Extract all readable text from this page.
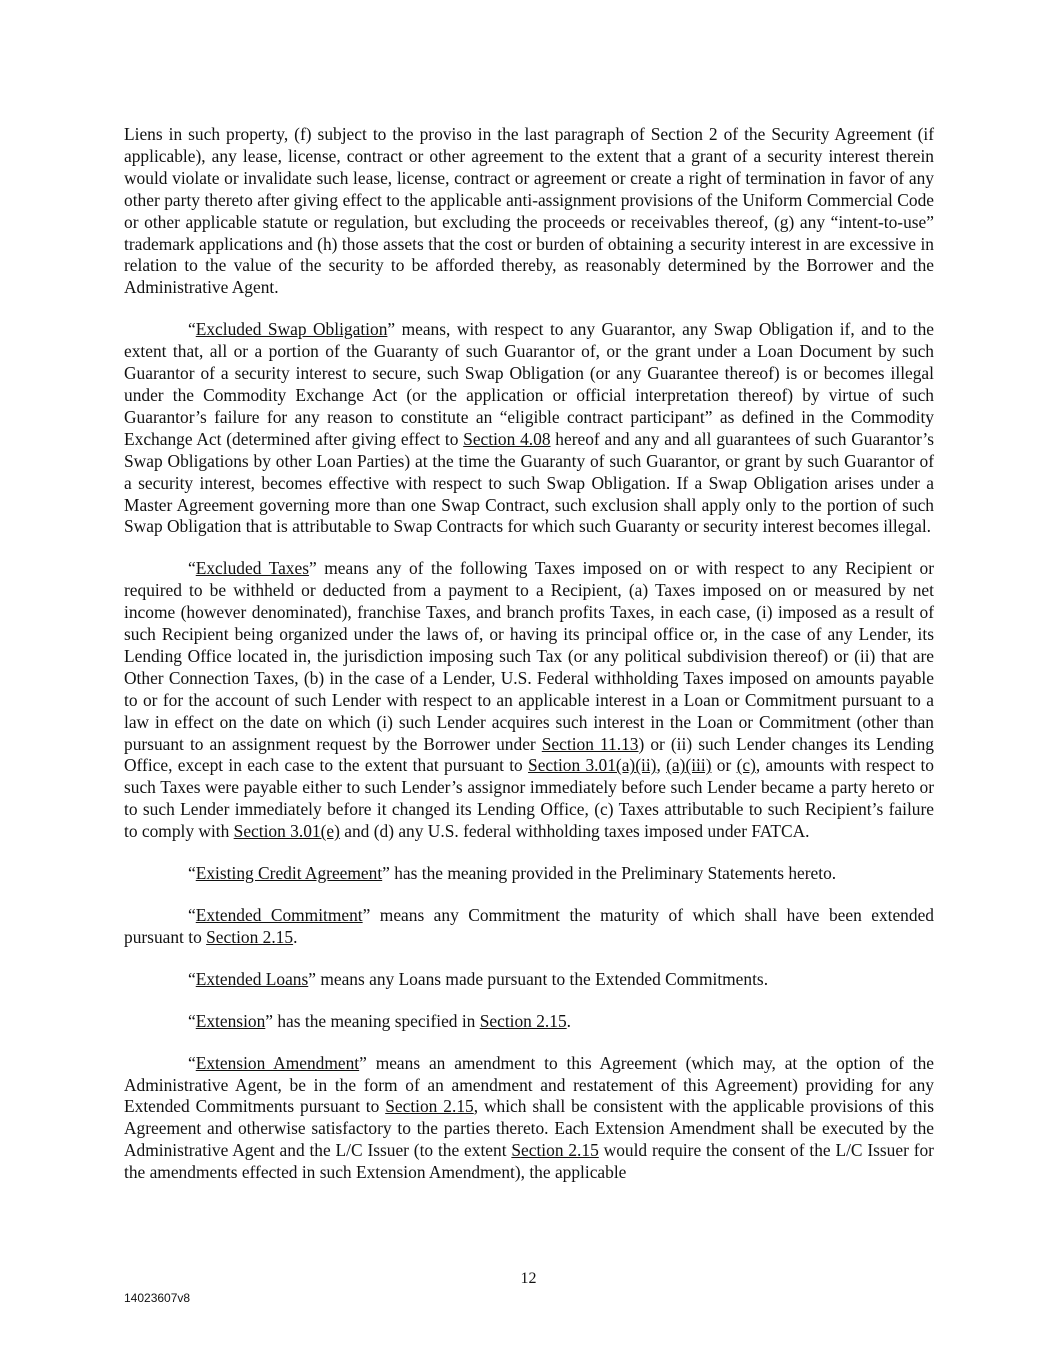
Liens in such property, (f) subject to the proviso in the last paragraph of Section 2 of the Security Agreement (if applicable), any lease, license, contract or other agreement to the extent that a grant of a security interest therein would violate or invalidate such lease, license, contract or agreement or create a right of termination in favor of any other party thereto after giving effect to the applicable anti-assignment provisions of the Uniform Commercial Code or other applicable statute or regulation, but excluding the proceeds or receivables thereof, (g) any “intent-to-use” trademark applications and (h) those assets that the cost or burden of obtaining a security interest in are excessive in relation to the value of the security to be afforded thereby, as reasonably determined by the Borrower and the Administrative Agent.

“Excluded Swap Obligation” means, with respect to any Guarantor, any Swap Obligation if, and to the extent that, all or a portion of the Guaranty of such Guarantor of, or the grant under a Loan Document by such Guarantor of a security interest to secure, such Swap Obligation (or any Guarantee thereof) is or becomes illegal under the Commodity Exchange Act (or the application or official interpretation thereof) by virtue of such Guarantor’s failure for any reason to constitute an “eligible contract participant” as defined in the Commodity Exchange Act (determined after giving effect to Section 4.08 hereof and any and all guarantees of such Guarantor’s Swap Obligations by other Loan Parties) at the time the Guaranty of such Guarantor, or grant by such Guarantor of a security interest, becomes effective with respect to such Swap Obligation. If a Swap Obligation arises under a Master Agreement governing more than one Swap Contract, such exclusion shall apply only to the portion of such Swap Obligation that is attributable to Swap Contracts for which such Guaranty or security interest becomes illegal.

“Excluded Taxes” means any of the following Taxes imposed on or with respect to any Recipient or required to be withheld or deducted from a payment to a Recipient, (a) Taxes imposed on or measured by net income (however denominated), franchise Taxes, and branch profits Taxes, in each case, (i) imposed as a result of such Recipient being organized under the laws of, or having its principal office or, in the case of any Lender, its Lending Office located in, the jurisdiction imposing such Tax (or any political subdivision thereof) or (ii) that are Other Connection Taxes, (b) in the case of a Lender, U.S. Federal withholding Taxes imposed on amounts payable to or for the account of such Lender with respect to an applicable interest in a Loan or Commitment pursuant to a law in effect on the date on which (i) such Lender acquires such interest in the Loan or Commitment (other than pursuant to an assignment request by the Borrower under Section 11.13) or (ii) such Lender changes its Lending Office, except in each case to the extent that pursuant to Section 3.01(a)(ii), (a)(iii) or (c), amounts with respect to such Taxes were payable either to such Lender’s assignor immediately before such Lender became a party hereto or to such Lender immediately before it changed its Lending Office, (c) Taxes attributable to such Recipient’s failure to comply with Section 3.01(e) and (d) any U.S. federal withholding taxes imposed under FATCA.

“Existing Credit Agreement” has the meaning provided in the Preliminary Statements hereto.

“Extended Commitment” means any Commitment the maturity of which shall have been extended pursuant to Section 2.15.

“Extended Loans” means any Loans made pursuant to the Extended Commitments.

“Extension” has the meaning specified in Section 2.15.

“Extension Amendment” means an amendment to this Agreement (which may, at the option of the Administrative Agent, be in the form of an amendment and restatement of this Agreement) providing for any Extended Commitments pursuant to Section 2.15, which shall be consistent with the applicable provisions of this Agreement and otherwise satisfactory to the parties thereto. Each Extension Amendment shall be executed by the Administrative Agent and the L/C Issuer (to the extent Section 2.15 would require the consent of the L/C Issuer for the amendments effected in such Extension Amendment), the applicable

12
14023607v8
